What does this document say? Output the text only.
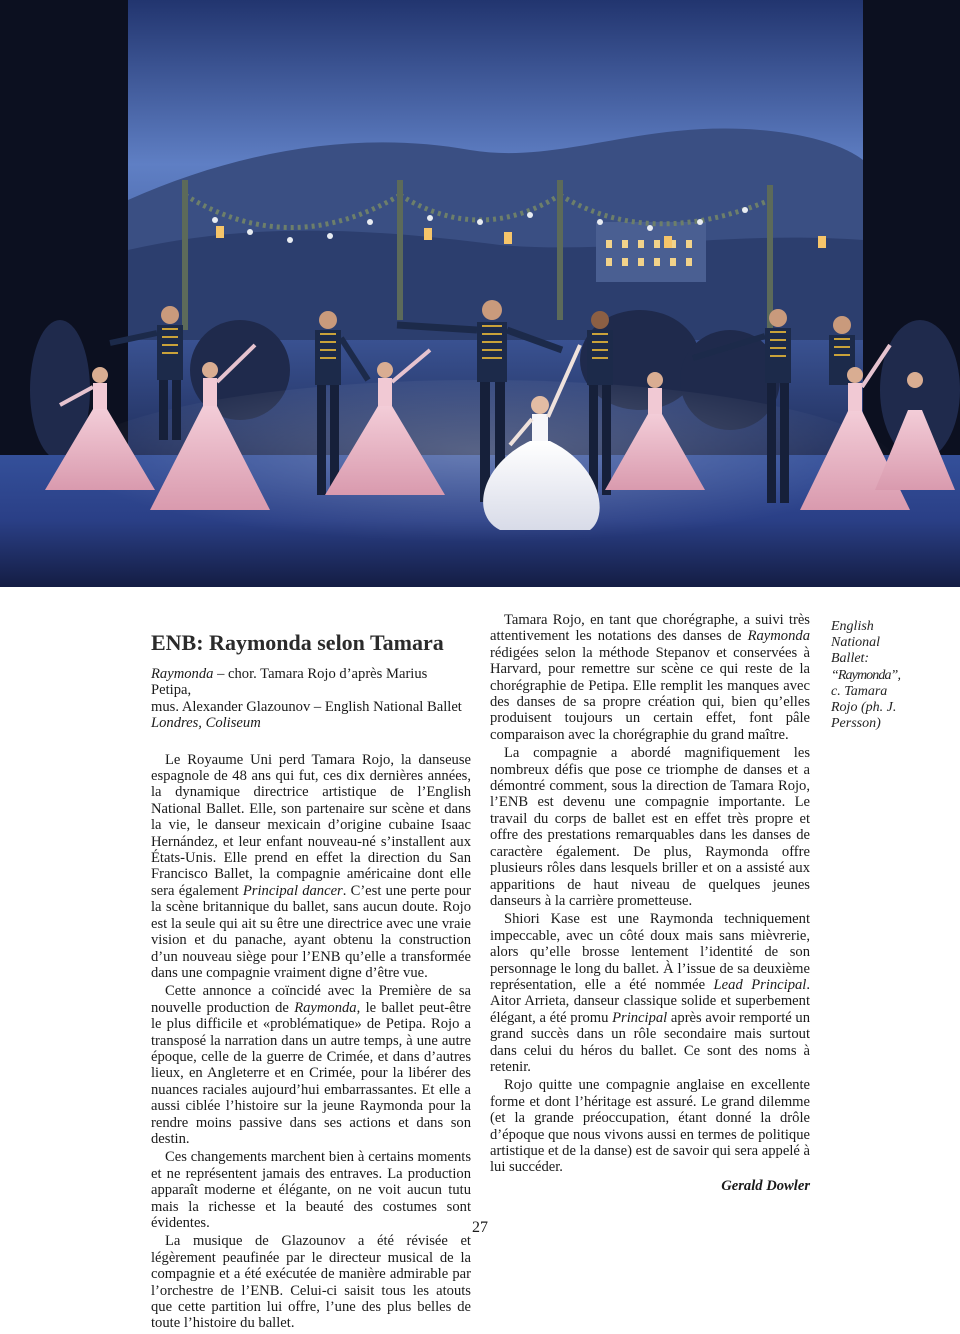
ENB: Raymonda selon Tamara

Raymonda – chor. Tamara Rojo d’après Marius Petipa,

mus. Alexander Glazounov – English National Ballet

Londres, Coliseum

Le Royaume Uni perd Tamara Rojo, la danseuse espagnole de 48 ans qui fut, ces dix dernières années, la dynamique directrice artistique de l’English National Ballet. Elle, son partenaire sur scène et dans la vie, le danseur mexicain d’origine cubaine Isaac Hernández, et leur enfant nouveau-né s’installent aux États-Unis. Elle prend en effet la direction du San Francisco Ballet, la compagnie américaine dont elle sera également Principal dancer. C’est une perte pour la scène britannique du ballet, sans aucun doute. Rojo est la seule qui ait su être une directrice avec une vraie vision et du panache, ayant obtenu la construction d’un nouveau siège pour l’ENB qu’elle a transformée dans une compagnie vraiment digne d’être vue.

Cette annonce a coïncidé avec la Première de sa nouvelle production de Raymonda, le ballet peut-être le plus difficile et «problématique» de Petipa. Rojo a transposé la narration dans un autre temps, à une autre époque, celle de la guerre de Crimée, et dans d’autres lieux, en Angleterre et en Crimée, pour la libérer des nuances raciales aujourd’hui embarrassantes. Et elle a aussi ciblée l’histoire sur la jeune Raymonda pour la rendre moins passive dans ses actions et dans son destin.

Ces changements marchent bien à certains moments et ne représentent jamais des entraves. La production apparaît moderne et élégante, on ne voit aucun tutu mais la richesse et la beauté des costumes sont évidentes.

La musique de Glazounov a été révisée et légèrement peaufinée par le directeur musical de la compagnie et a été exécutée de manière admirable par l’orchestre de l’ENB. Celui-ci saisit tous les atouts que cette partition lui offre, l’une des plus belles de toute l’histoire du ballet.

Tamara Rojo, en tant que chorégraphe, a suivi très attentivement les notations des danses de Raymonda rédigées selon la méthode Stepanov et conservées à Harvard, pour remettre sur scène ce qui reste de la chorégraphie de Petipa. Elle remplit les manques avec des danses de sa propre création qui, bien qu’elles produisent toujours un certain effet, font pâle comparaison avec la chorégraphie du grand maître.

La compagnie a abordé magnifiquement les nombreux défis que pose ce triomphe de danses et a démontré comment, sous la direction de Tamara Rojo, l’ENB est devenu une compagnie importante. Le travail du corps de ballet est en effet très propre et offre des prestations remarquables dans les danses de caractère également. De plus, Raymonda offre plusieurs rôles dans lesquels briller et on a assisté aux apparitions de haut niveau de quelques jeunes danseurs à la carrière prometteuse.

Shiori Kase est une Raymonda techniquement impeccable, avec un côté doux mais sans mièvrerie, alors qu’elle brosse lentement l’identité de son personnage le long du ballet. À l’issue de sa deuxième représentation, elle a été nommée Lead Principal. Aitor Arrieta, danseur classique solide et superbement élégant, a été promu Principal après avoir remporté un grand succès dans un rôle secondaire mais surtout dans celui du héros du ballet. Ce sont des noms à retenir.

Rojo quitte une compagnie anglaise en excellente forme et dont l’héritage est assuré. Le grand dilemme (et la grande préoccupation, étant donné la drôle d’époque que nous vivons aussi en termes de politique artistique et de la danse) est de savoir qui sera appelé à lui succéder.

Gerald Dowler
English
National
Ballet:
“Raymonda”,
c. Tamara
Rojo (ph. J.
Persson)
27
